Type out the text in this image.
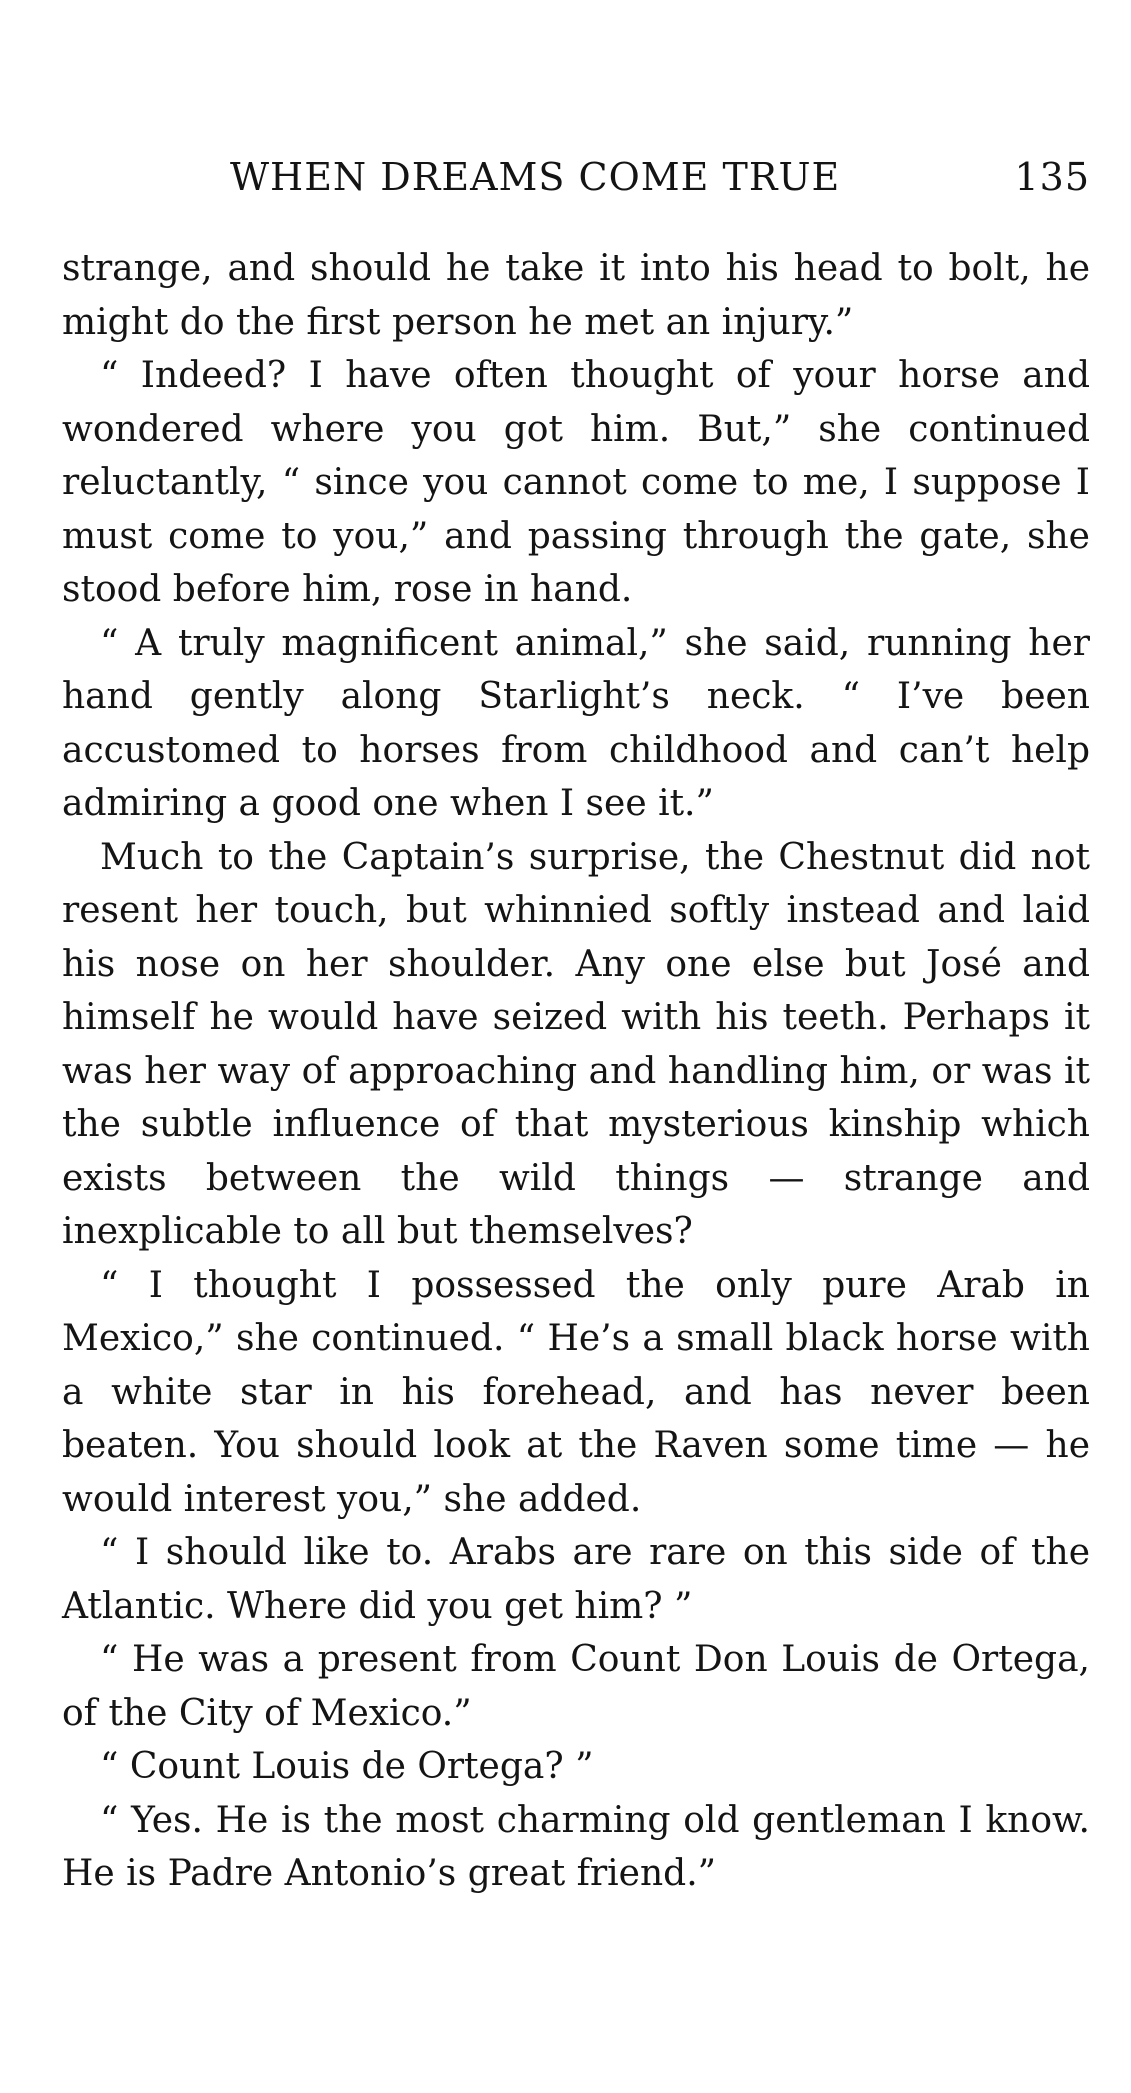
WHEN DREAMS COME TRUE	135

strange, and should he take it into his head to bolt, he might do the first person he met an injury.”

“ Indeed? I have often thought of your horse and wondered where you got him. But,” she continued reluctantly, “ since you cannot come to me, I suppose I must come to you,” and passing through the gate, she stood before him, rose in hand.

“ A truly magnificent animal,” she said, running her hand gently along Starlight’s neck. “ I’ve been accustomed to horses from childhood and can’t help admiring a good one when I see it.”

Much to the Captain’s surprise, the Chestnut did not resent her touch, but whinnied softly instead and laid his nose on her shoulder. Any one else but José and himself he would have seized with his teeth. Perhaps it was her way of approaching and handling him, or was it the subtle influence of that mysterious kinship which exists between the wild things — strange and inexplicable to all but themselves?

“ I thought I possessed the only pure Arab in Mexico,” she continued. “ He’s a small black horse with a white star in his forehead, and has never been beaten. You should look at the Raven some time — he would interest you,” she added.

“ I should like to. Arabs are rare on this side of the Atlantic. Where did you get him? ”

“ He was a present from Count Don Louis de Ortega, of the City of Mexico.”

“ Count Louis de Ortega? ”

“ Yes. He is the most charming old gentleman I know. He is Padre Antonio’s great friend.”
